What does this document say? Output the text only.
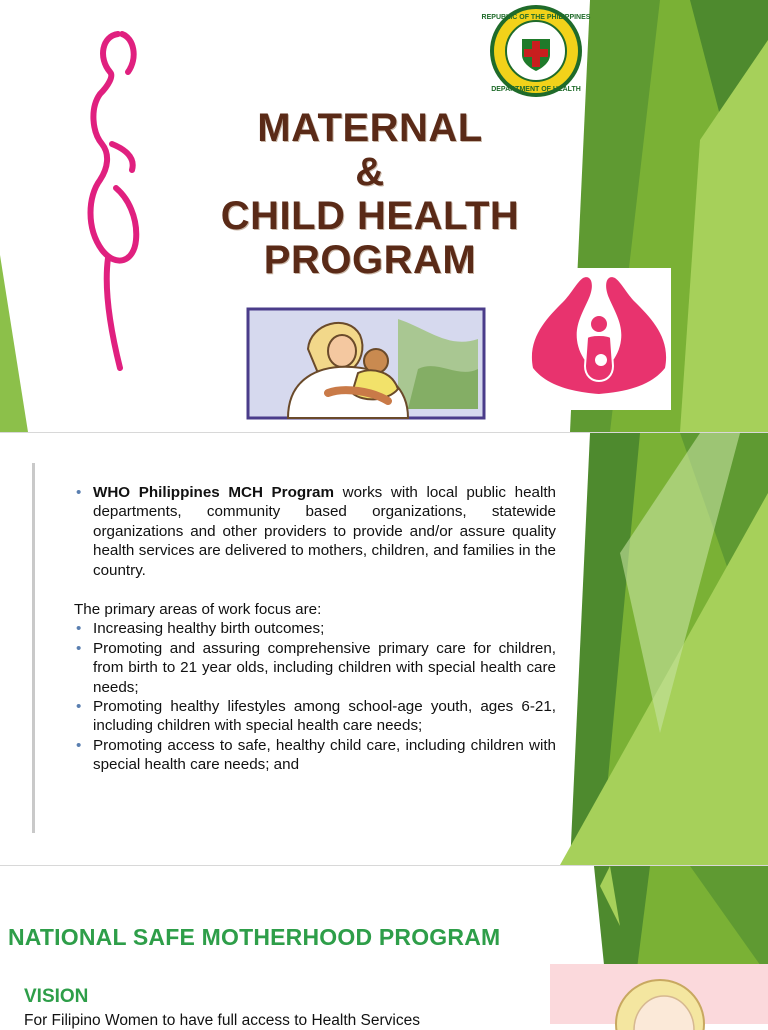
REPUBLIC OF THE PHILIPPINES
DEPARTMENT OF HEALTH
MATERNAL
&
CHILD HEALTH
PROGRAM

• WHO Philippines MCH Program works with local public health departments, community based organizations, statewide organizations and other providers to provide and/or assure quality health services are delivered to mothers, children, and families in the country.

The primary areas of work focus are:

• Increasing healthy birth outcomes;

• Promoting and assuring comprehensive primary care for children, from birth to 21 year olds, including children with special health care needs;

• Promoting healthy lifestyles among school-age youth, ages 6-21, including children with special health care needs;

• Promoting access to safe, healthy child care, including children with special health care needs; and

NATIONAL SAFE MOTHERHOOD PROGRAM
VISION
For Filipino Women to have full access to Health Services
